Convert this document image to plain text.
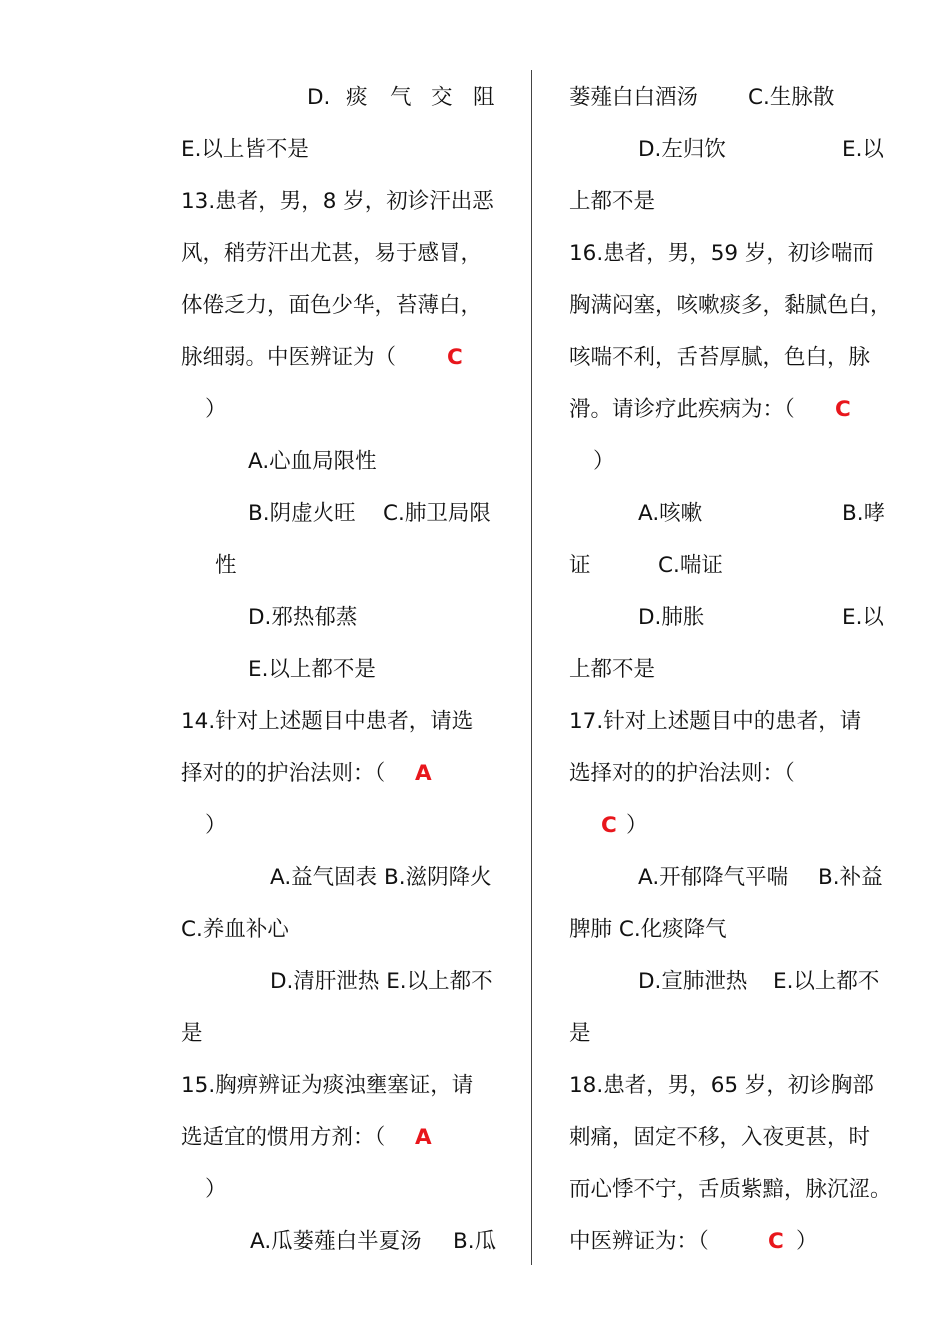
D. 痰 气 交 阻
E.以上皆不是
13.患者，男，8 岁，初诊汗出恶
风，稍劳汗出尤甚，易于感冒，
体倦乏力，面色少华，苔薄白，
脉细弱。中医辨证为（ C
）
A.心血局限性
B.阴虚火旺 C.肺卫局限
性
D.邪热郁蒸
E.以上都不是
14.针对上述题目中患者，请选
择对的的护治法则：（ A
）
A.益气固表 B.滋阴降火
C.养血补心
D.清肝泄热 E.以上都不
是
15.胸痹辨证为痰浊壅塞证，请
选适宜的惯用方剂：（ A
）
A.瓜蒌薤白半夏汤 B.瓜
蒌薤白白酒汤 C.生脉散
D.左归饮	E.以
上都不是
16.患者，男，59 岁，初诊喘而
胸满闷塞，咳嗽痰多，黏腻色白，
咳喘不利，舌苔厚腻，色白，脉
滑。请诊疗此疾病为：（ C
）
A.咳嗽	B.哮
证	C.喘证
D.肺胀	E.以
上都不是
17.针对上述题目中的患者，请
选择对的的护治法则：（
C ）
A.开郁降气平喘 B.补益
脾肺 C.化痰降气
D.宣肺泄热 E.以上都不
是
18.患者，男，65 岁，初诊胸部
刺痛，固定不移，入夜更甚，时
而心悸不宁，舌质紫黯，脉沉涩。
中医辨证为：（	C ）
